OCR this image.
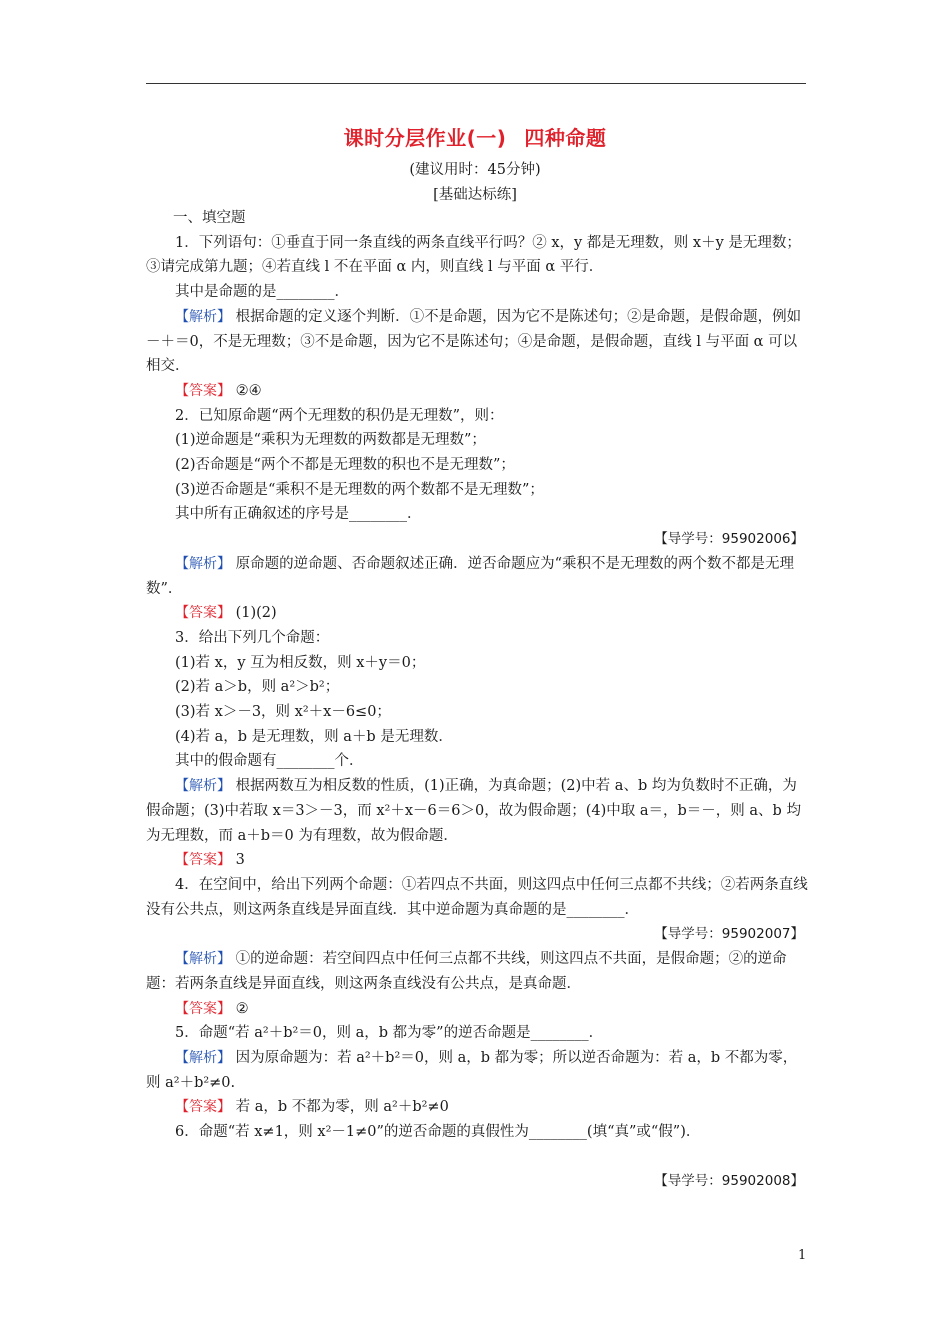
课时分层作业(一) 四种命题
(建议用时：45分钟)
[基础达标练]

一、填空题

1．下列语句：①垂直于同一条直线的两条直线平行吗？② x，y 都是无理数，则 x＋y 是无理数；③请完成第九题；④若直线 l 不在平面 α 内，则直线 l 与平面 α 平行．

其中是命题的是________．

【解析】 根据命题的定义逐个判断．①不是命题，因为它不是陈述句；②是命题，是假命题，例如－＋＝0，不是无理数；③不是命题，因为它不是陈述句；④是命题，是假命题，直线 l 与平面 α 可以相交．

【答案】 ②④

2．已知原命题“两个无理数的积仍是无理数”，则：

(1)逆命题是“乘积为无理数的两数都是无理数”；

(2)否命题是“两个不都是无理数的积也不是无理数”；

(3)逆否命题是“乘积不是无理数的两个数都不是无理数”；

其中所有正确叙述的序号是________．

【导学号：95902006】

【解析】 原命题的逆命题、否命题叙述正确．逆否命题应为“乘积不是无理数的两个数不都是无理数”．

【答案】 (1)(2)

3．给出下列几个命题：

(1)若 x，y 互为相反数，则 x＋y＝0；

(2)若 a＞b，则 a²＞b²；

(3)若 x＞－3，则 x²＋x－6≤0；

(4)若 a，b 是无理数，则 a＋b 是无理数．

其中的假命题有________个．

【解析】 根据两数互为相反数的性质，(1)正确，为真命题；(2)中若 a、b 均为负数时不正确，为假命题；(3)中若取 x＝3＞－3，而 x²＋x－6＝6＞0，故为假命题；(4)中取 a＝，b＝－，则 a、b 均为无理数，而 a＋b＝0 为有理数，故为假命题．

【答案】 3

4．在空间中，给出下列两个命题：①若四点不共面，则这四点中任何三点都不共线；②若两条直线没有公共点，则这两条直线是异面直线．其中逆命题为真命题的是________．

【导学号：95902007】

【解析】 ①的逆命题：若空间四点中任何三点都不共线，则这四点不共面，是假命题；②的逆命题：若两条直线是异面直线，则这两条直线没有公共点，是真命题．

【答案】 ②

5．命题“若 a²＋b²＝0，则 a，b 都为零”的逆否命题是________．

【解析】 因为原命题为：若 a²＋b²＝0，则 a，b 都为零；所以逆否命题为：若 a，b 不都为零，则 a²＋b²≠0.

【答案】 若 a，b 不都为零，则 a²＋b²≠0

6．命题“若 x≠1，则 x²－1≠0”的逆否命题的真假性为________(填“真”或“假”)．

【导学号：95902008】

1
